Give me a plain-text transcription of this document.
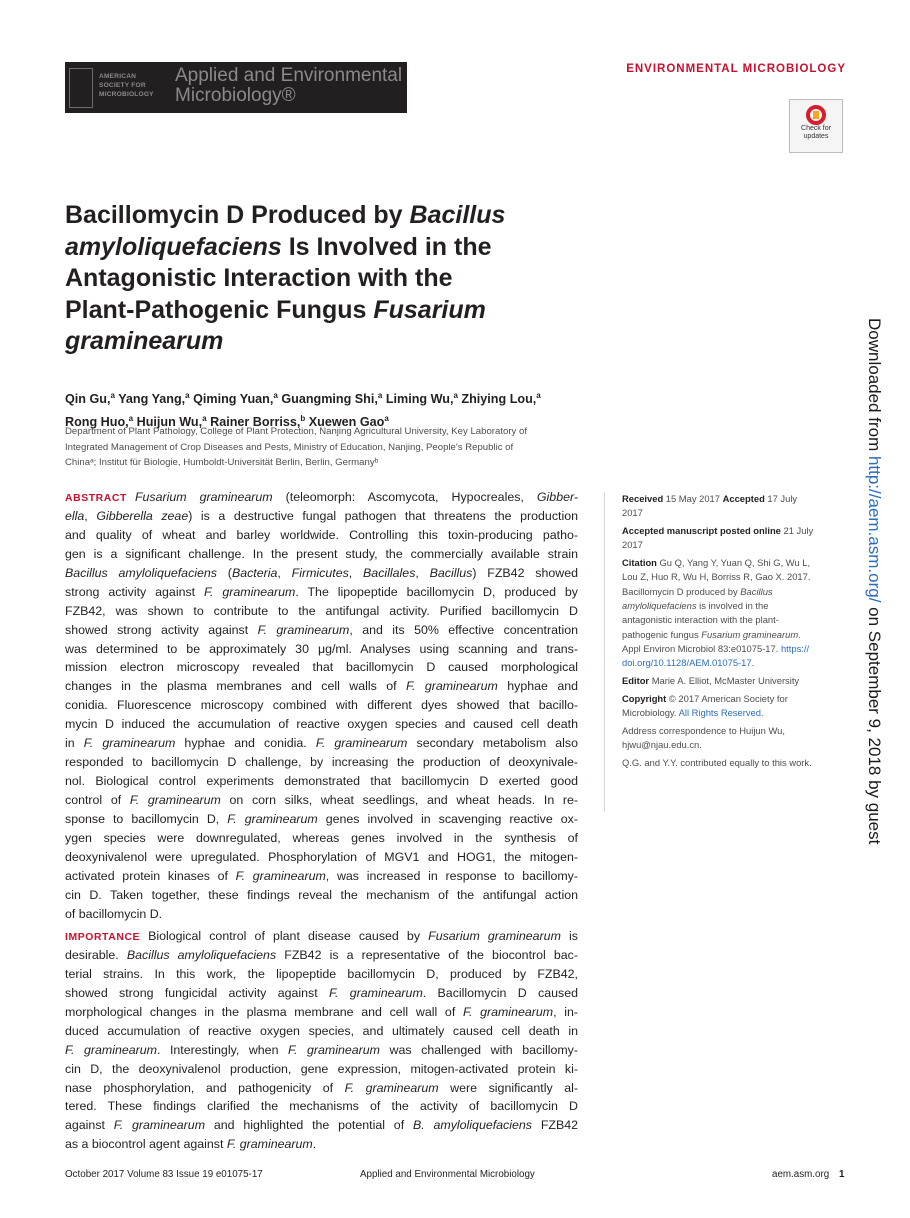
AMERICAN
SOCIETY FOR
MICROBIOLOGY
Applied and Environmental
Microbiology®
ENVIRONMENTAL MICROBIOLOGY
Check for
updates
Bacillomycin D Produced by Bacillus
amyloliquefaciens Is Involved in the
Antagonistic Interaction with the
Plant-Pathogenic Fungus Fusarium
graminearum
Qin Gu,$^a$ Yang Yang,$^a$ Qiming Yuan,$^a$ Guangming Shi,$^a$ Liming Wu,$^a$ Zhiying Lou,$^a$
Rong Huo,$^a$ Huijun Wu,$^a$ Rainer Borriss,$^b$ Xuewen Gao$^a$
Department of Plant Pathology, College of Plant Protection, Nanjing Agricultural University, Key Laboratory of
Integrated Management of Crop Diseases and Pests, Ministry of Education, Nanjing, People's Republic of
Chinaᵃ; Institut für Biologie, Humboldt-Universität Berlin, Berlin, Germanyᵇ
ABSTRACT Fusarium graminearum (teleomorph: Ascomycota, Hypocreales, Gibber-
ella, Gibberella zeae) is a destructive fungal pathogen that threatens the production
and quality of wheat and barley worldwide. Controlling this toxin-producing patho-
gen is a significant challenge. In the present study, the commercially available strain
Bacillus amyloliquefaciens (Bacteria, Firmicutes, Bacillales, Bacillus) FZB42 showed
strong activity against F. graminearum. The lipopeptide bacillomycin D, produced by
FZB42, was shown to contribute to the antifungal activity. Purified bacillomycin D
showed strong activity against F. graminearum, and its 50% effective concentration
was determined to be approximately 30 μg/ml. Analyses using scanning and trans-
mission electron microscopy revealed that bacillomycin D caused morphological
changes in the plasma membranes and cell walls of F. graminearum hyphae and
conidia. Fluorescence microscopy combined with different dyes showed that bacillo-
mycin D induced the accumulation of reactive oxygen species and caused cell death
in F. graminearum hyphae and conidia. F. graminearum secondary metabolism also
responded to bacillomycin D challenge, by increasing the production of deoxynivale-
nol. Biological control experiments demonstrated that bacillomycin D exerted good
control of F. graminearum on corn silks, wheat seedlings, and wheat heads. In re-
sponse to bacillomycin D, F. graminearum genes involved in scavenging reactive ox-
ygen species were downregulated, whereas genes involved in the synthesis of
deoxynivalenol were upregulated. Phosphorylation of MGV1 and HOG1, the mitogen-
activated protein kinases of F. graminearum, was increased in response to bacillomy-
cin D. Taken together, these findings reveal the mechanism of the antifungal action
of bacillomycin D.
IMPORTANCE Biological control of plant disease caused by Fusarium graminearum is
desirable. Bacillus amyloliquefaciens FZB42 is a representative of the biocontrol bac-
terial strains. In this work, the lipopeptide bacillomycin D, produced by FZB42,
showed strong fungicidal activity against F. graminearum. Bacillomycin D caused
morphological changes in the plasma membrane and cell wall of F. graminearum, in-
duced accumulation of reactive oxygen species, and ultimately caused cell death in
F. graminearum. Interestingly, when F. graminearum was challenged with bacillomy-
cin D, the deoxynivalenol production, gene expression, mitogen-activated protein ki-
nase phosphorylation, and pathogenicity of F. graminearum were significantly al-
tered. These findings clarified the mechanisms of the activity of bacillomycin D
against F. graminearum and highlighted the potential of B. amyloliquefaciens FZB42
as a biocontrol agent against F. graminearum.
Received 15 May 2017 Accepted 17 July
2017
Accepted manuscript posted online 21 July
2017
Citation Gu Q, Yang Y, Yuan Q, Shi G, Wu L,
Lou Z, Huo R, Wu H, Borriss R, Gao X. 2017.
Bacillomycin D produced by Bacillus
amyloliquefaciens is involved in the
antagonistic interaction with the plant-
pathogenic fungus Fusarium graminearum.
Appl Environ Microbiol 83:e01075-17. https://
doi.org/10.1128/AEM.01075-17.
Editor Marie A. Elliot, McMaster University
Copyright © 2017 American Society for
Microbiology. All Rights Reserved.
Address correspondence to Huijun Wu,
hjwu@njau.edu.cn.
Q.G. and Y.Y. contributed equally to this work.
Downloaded from http://aem.asm.org/ on September 9, 2018 by guest
October 2017 Volume 83 Issue 19 e01075-17	Applied and Environmental Microbiology	aem.asm.org 1
